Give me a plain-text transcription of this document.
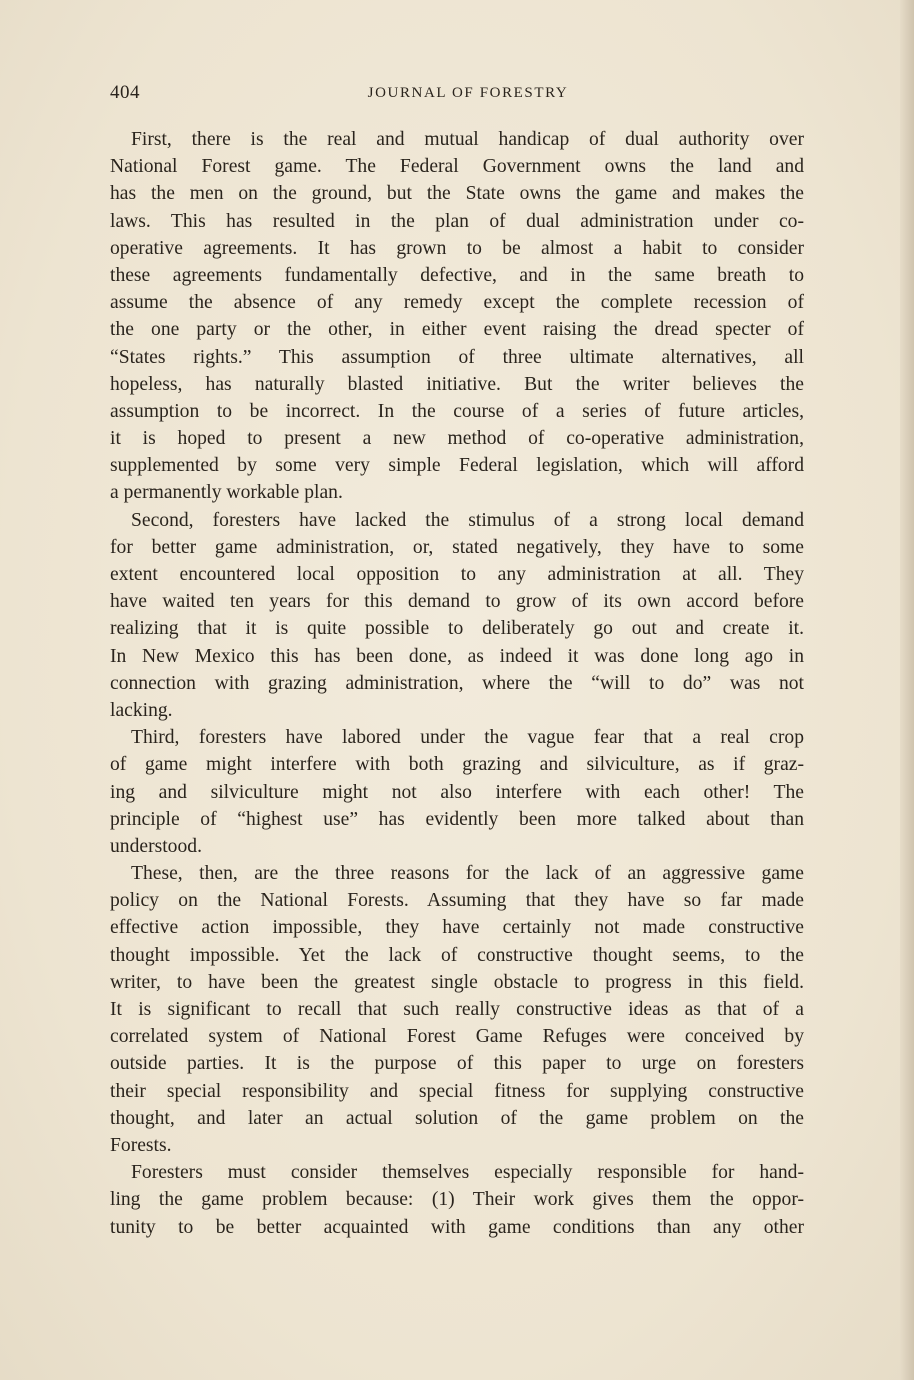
404	JOURNAL OF FORESTRY
First, there is the real and mutual handicap of dual authority over
National Forest game. The Federal Government owns the land and
has the men on the ground, but the State owns the game and makes the
laws. This has resulted in the plan of dual administration under co-
operative agreements. It has grown to be almost a habit to consider
these agreements fundamentally defective, and in the same breath to
assume the absence of any remedy except the complete recession of
the one party or the other, in either event raising the dread specter of
“States rights.” This assumption of three ultimate alternatives, all
hopeless, has naturally blasted initiative. But the writer believes the
assumption to be incorrect. In the course of a series of future articles,
it is hoped to present a new method of co-operative administration,
supplemented by some very simple Federal legislation, which will afford
a permanently workable plan.
Second, foresters have lacked the stimulus of a strong local demand
for better game administration, or, stated negatively, they have to some
extent encountered local opposition to any administration at all. They
have waited ten years for this demand to grow of its own accord before
realizing that it is quite possible to deliberately go out and create it.
In New Mexico this has been done, as indeed it was done long ago in
connection with grazing administration, where the “will to do” was not
lacking.
Third, foresters have labored under the vague fear that a real crop
of game might interfere with both grazing and silviculture, as if graz-
ing and silviculture might not also interfere with each other! The
principle of “highest use” has evidently been more talked about than
understood.
These, then, are the three reasons for the lack of an aggressive game
policy on the National Forests. Assuming that they have so far made
effective action impossible, they have certainly not made constructive
thought impossible. Yet the lack of constructive thought seems, to the
writer, to have been the greatest single obstacle to progress in this field.
It is significant to recall that such really constructive ideas as that of a
correlated system of National Forest Game Refuges were conceived by
outside parties. It is the purpose of this paper to urge on foresters
their special responsibility and special fitness for supplying constructive
thought, and later an actual solution of the game problem on the
Forests.
Foresters must consider themselves especially responsible for hand-
ling the game problem because: (1) Their work gives them the oppor-
tunity to be better acquainted with game conditions than any other
